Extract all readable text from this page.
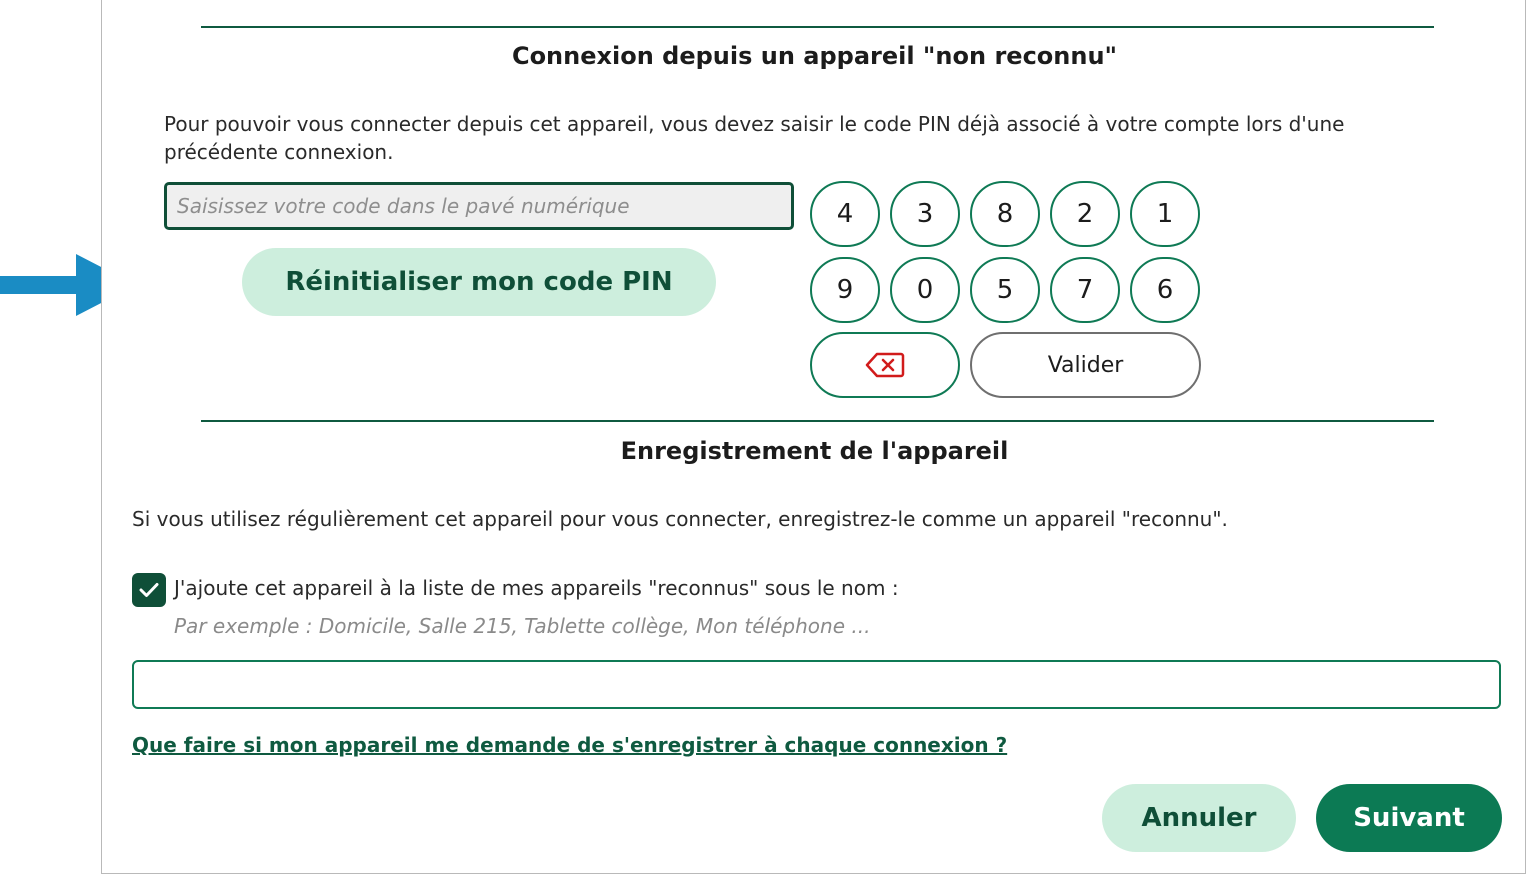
Connexion depuis un appareil "non reconnu"
Pour pouvoir vous connecter depuis cet appareil, vous devez saisir le code PIN déjà associé à votre compte lors d'une précédente connexion.
Saisissez votre code dans le pavé numérique
Réinitialiser mon code PIN
4	3	8	2	1
9	0	5	7	6
Valider
Enregistrement de l'appareil
Si vous utilisez régulièrement cet appareil pour vous connecter, enregistrez-le comme un appareil "reconnu".
J'ajoute cet appareil à la liste de mes appareils "reconnus" sous le nom :
Par exemple : Domicile, Salle 215, Tablette collège, Mon téléphone ...
Que faire si mon appareil me demande de s'enregistrer à chaque connexion ?
Annuler	Suivant
